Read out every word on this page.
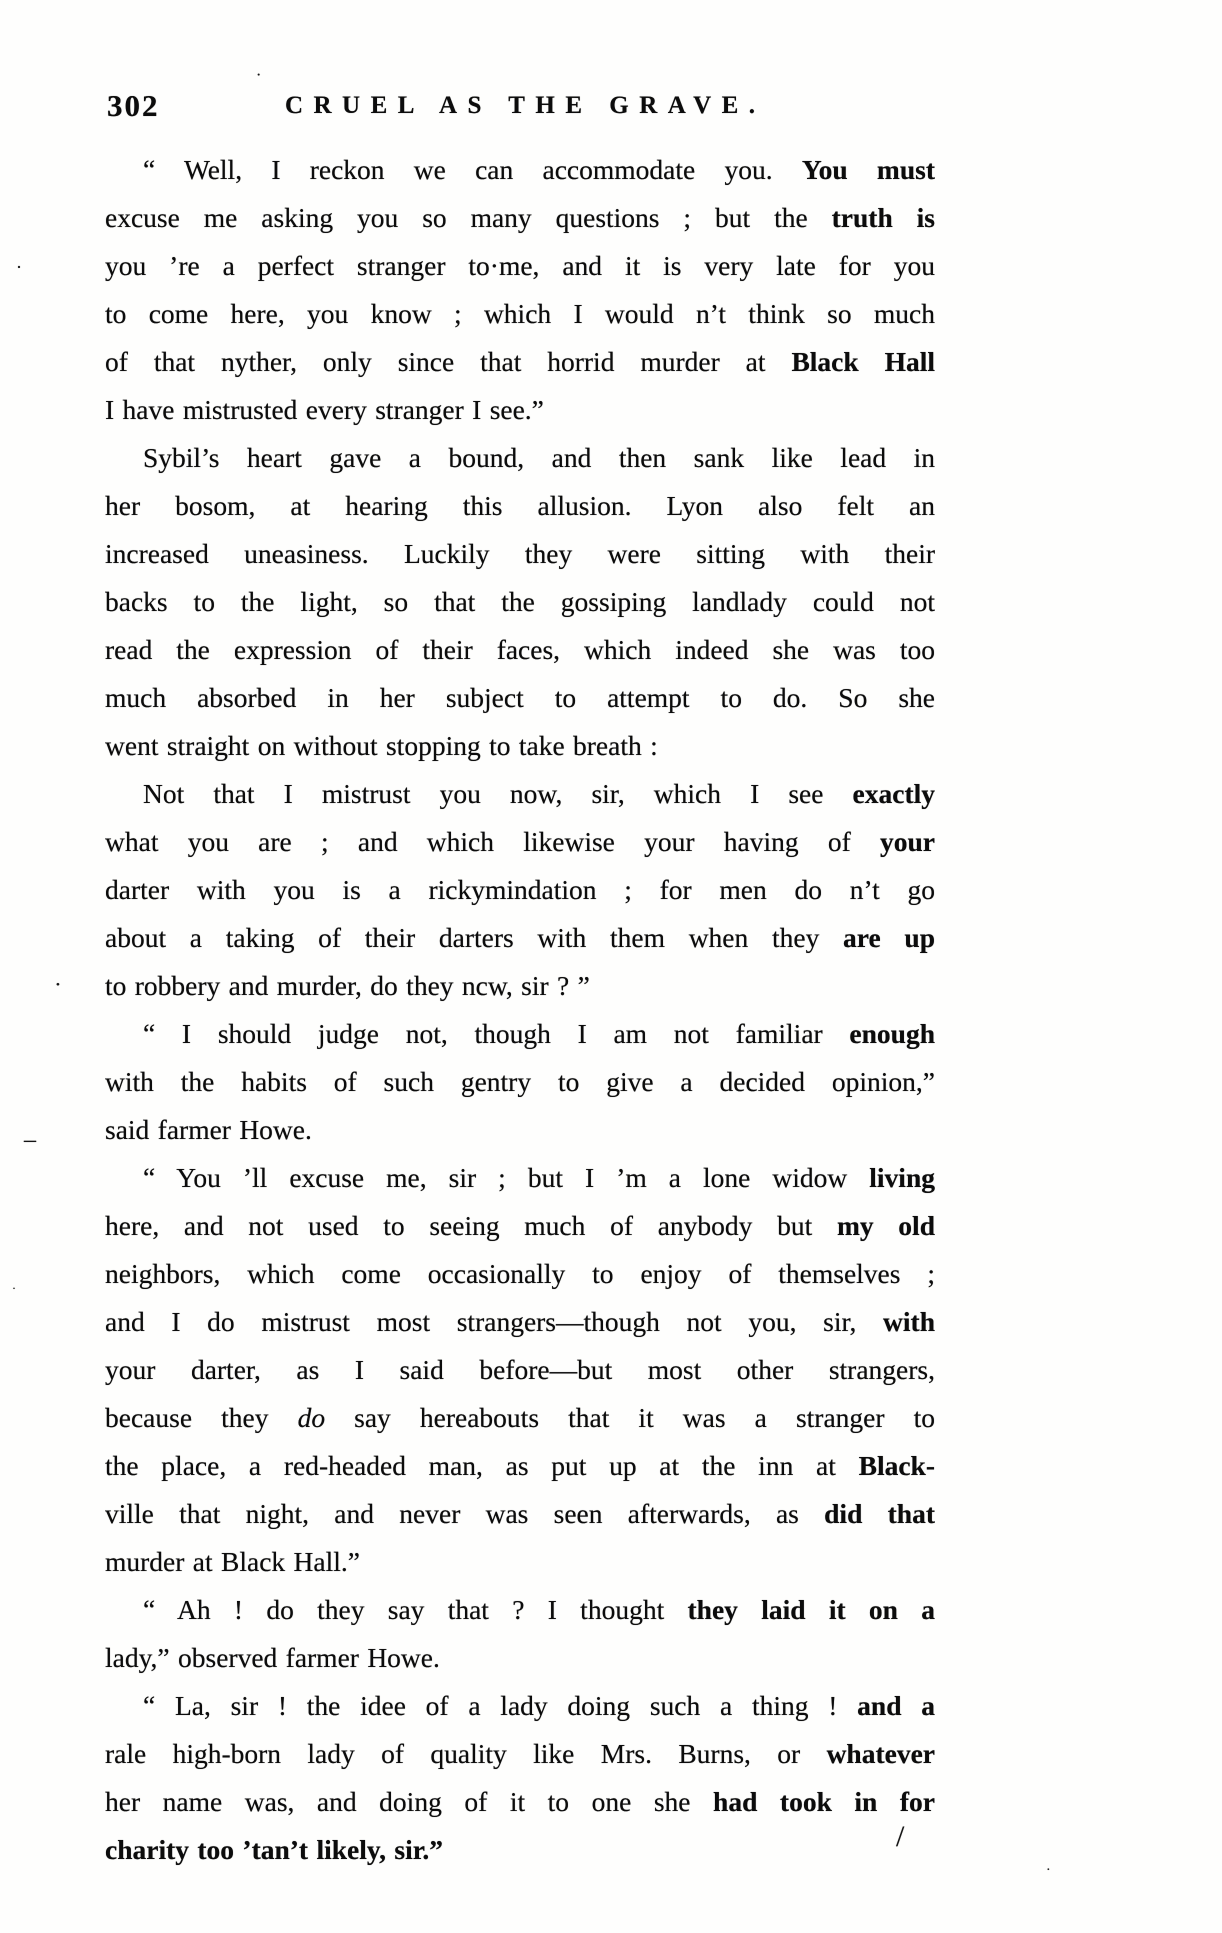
302	CRUEL AS THE GRAVE.
“ Well, I reckon we can accommodate you. You must
excuse me asking you so many questions ; but the truth is
you ’re a perfect stranger to·me, and it is very late for you
to come here, you know ; which I would n’t think so much
of that nyther, only since that horrid murder at Black Hall
I have mistrusted every stranger I see.”
Sybil’s heart gave a bound, and then sank like lead in
her bosom, at hearing this allusion. Lyon also felt an
increased uneasiness. Luckily they were sitting with their
backs to the light, so that the gossiping landlady could not
read the expression of their faces, which indeed she was too
much absorbed in her subject to attempt to do. So she
went straight on without stopping to take breath :
Not that I mistrust you now, sir, which I see exactly
what you are ; and which likewise your having of your
darter with you is a rickymindation ; for men do n’t go
about a taking of their darters with them when they are up
to robbery and murder, do they ncw, sir ? ”
“ I should judge not, though I am not familiar enough
with the habits of such gentry to give a decided opinion,”
said farmer Howe.
“ You ’ll excuse me, sir ; but I ’m a lone widow living
here, and not used to seeing much of anybody but my old
neighbors, which come occasionally to enjoy of themselves ;
and I do mistrust most strangers—though not you, sir, with
your darter, as I said before—but most other strangers,
because they do say hereabouts that it was a stranger to
the place, a red-headed man, as put up at the inn at Black-
ville that night, and never was seen afterwards, as did that
murder at Black Hall.”
“ Ah ! do they say that ? I thought they laid it on a
lady,” observed farmer Howe.
“ La, sir ! the idee of a lady doing such a thing ! and a
rale high-born lady of quality like Mrs. Burns, or whatever
her name was, and doing of it to one she had took in for
charity too ’tan’t likely, sir.”
·
·
•
–
/
·
·
